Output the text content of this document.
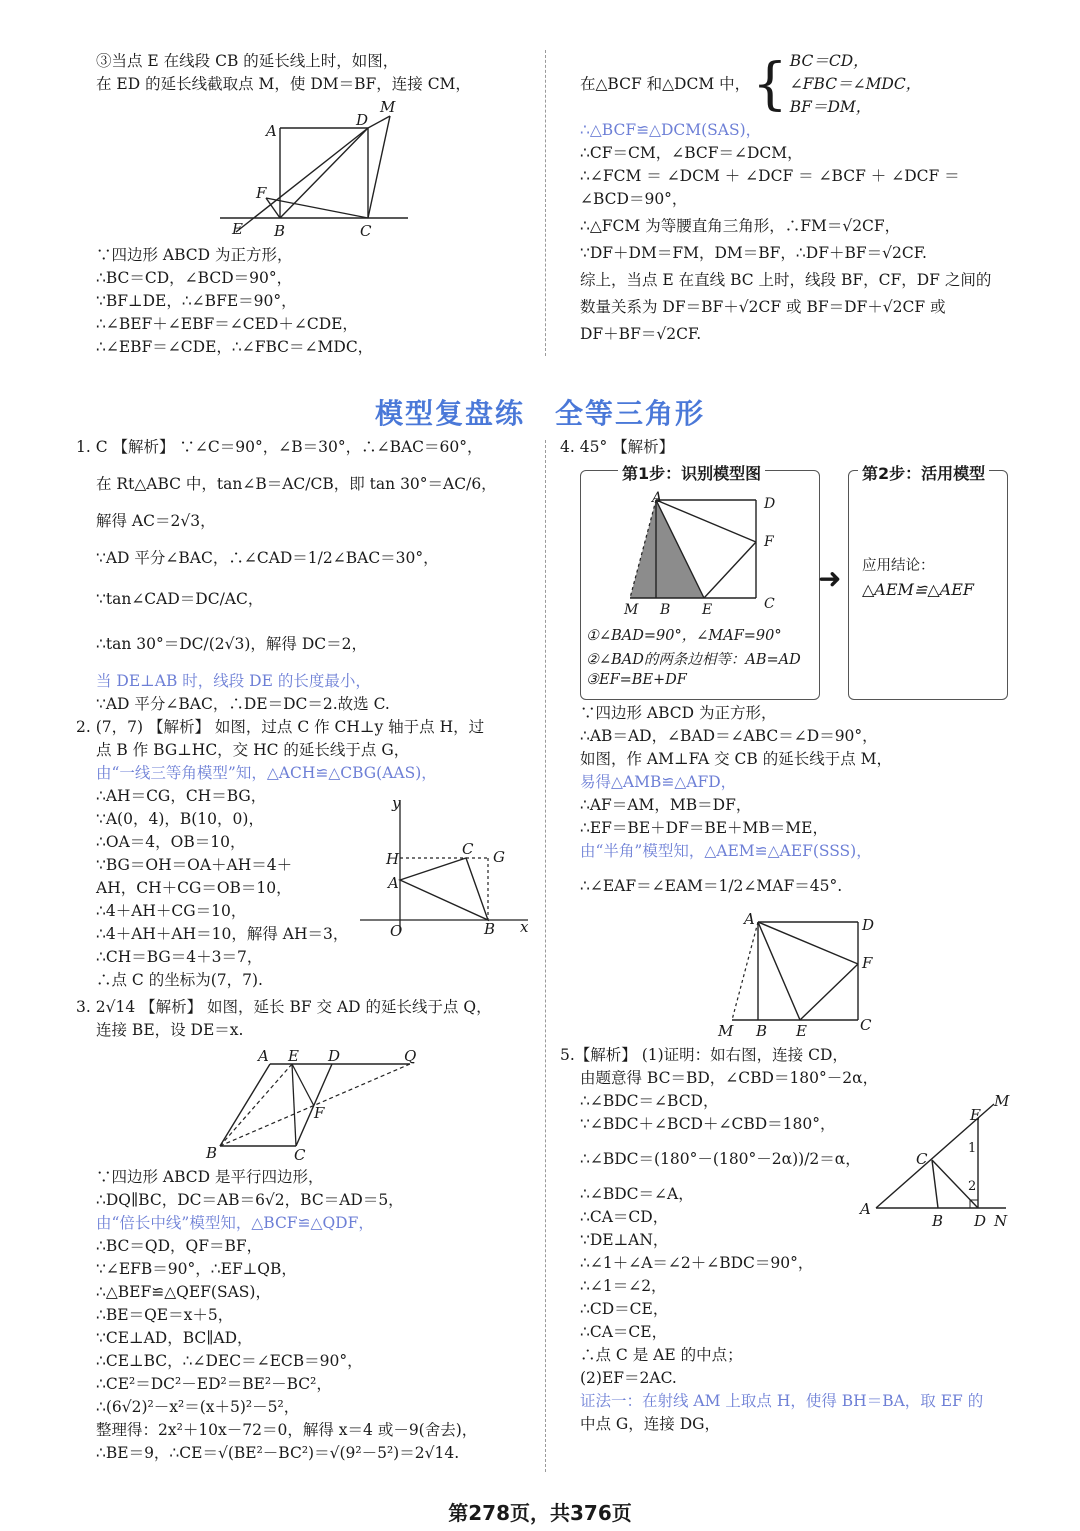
③当点 E 在线段 CB 的延长线上时，如图，

在 ED 的延长线截取点 M，使 DM＝BF，连接 CM，

A
D
M
F
E B	C

∵四边形 ABCD 为正方形，

∴BC＝CD，∠BCD＝90°，

∵BF⊥DE，∴∠BFE＝90°，

∴∠BEF＋∠EBF＝∠CED＋∠CDE，

∴∠EBF＝∠CDE，∴∠FBC＝∠MDC，

在△BCF 和△DCM 中， { BC＝CD，
∠FBC＝∠MDC，
BF＝DM，

∴△BCF≌△DCM(SAS)，

∴CF＝CM，∠BCF＝∠DCM，

∴∠FCM ＝ ∠DCM ＋ ∠DCF ＝ ∠BCF ＋ ∠DCF ＝

∠BCD＝90°，

∴△FCM 为等腰直角三角形，∴FM＝√2CF，

∵DF＋DM＝FM，DM＝BF，∴DF＋BF＝√2CF.

综上，当点 E 在直线 BC 上时，线段 BF，CF，DF 之间的

数量关系为 DF＝BF＋√2CF 或 BF＝DF＋√2CF 或

DF＋BF＝√2CF.

模型复盘练　全等三角形

1. C 【解析】 ∵∠C＝90°，∠B＝30°，∴∠BAC＝60°，

在 Rt△ABC 中，tan∠B＝AC/CB，即 tan 30°＝AC/6，

解得 AC＝2√3，

∵AD 平分∠BAC，∴∠CAD＝1/2∠BAC＝30°，

∵tan∠CAD＝DC/AC，

∴tan 30°＝DC/(2√3)，解得 DC＝2，

当 DE⊥AB 时，线段 DE 的长度最小，

∵AD 平分∠BAC，∴DE＝DC＝2.故选 C.

2. (7，7) 【解析】 如图，过点 C 作 CH⊥y 轴于点 H，过

点 B 作 BG⊥HC，交 HC 的延长线于点 G，

由“一线三等角模型”知，△ACH≌△CBG(AAS)，

∴AH＝CG，CH＝BG，

∵A(0，4)，B(10，0)，

∴OA＝4，OB＝10，

∵BG＝OH＝OA＋AH＝4＋

AH，CH＋CG＝OB＝10，

∴4＋AH＋CG＝10，

∴4＋AH＋AH＝10，解得 AH＝3，

∴CH＝BG＝4＋3＝7，

∴点 C 的坐标为(7，7).

3. 2√14 【解析】 如图，延长 BF 交 AD 的延长线于点 Q，

连接 BE，设 DE＝x.

y
x
H
A
O
C G
B
A E D	Q
F
B	C

∵四边形 ABCD 是平行四边形，

∴DQ∥BC，DC＝AB＝6√2，BC＝AD＝5，

由“倍长中线”模型知，△BCF≌△QDF，

∴BC＝QD，QF＝BF，

∵∠EFB＝90°，∴EF⊥QB，

∴△BEF≌△QEF(SAS)，

∴BE＝QE＝x＋5，

∵CE⊥AD，BC∥AD，

∴CE⊥BC，∴∠DEC＝∠ECB＝90°，

∴CE²＝DC²－ED²＝BE²－BC²，

∴(6√2)²－x²＝(x＋5)²－5²，

整理得：2x²＋10x－72＝0，解得 x＝4 或－9(舍去)，

∴BE＝9，∴CE＝√(BE²－BC²)＝√(9²－5²)＝2√14.

4. 45° 【解析】

第1步：识别模型图
A	D
F
M B E	C
①∠BAD=90°，∠MAF=90°
②∠BAD的两条边相等：AB=AD
③EF=BE+DF
➜
第2步：活用模型
应用结论：
△AEM≌△AEF

∵四边形 ABCD 为正方形，

∴AB＝AD，∠BAD＝∠ABC＝∠D＝90°，

如图，作 AM⊥FA 交 CB 的延长线于点 M，

易得△AMB≌△AFD，

∴AF＝AM，MB＝DF，

∴EF＝BE＋DF＝BE＋MB＝ME，

由“半角”模型知，△AEM≌△AEF(SSS)，

∴∠EAF＝∠EAM＝1/2∠MAF＝45°.

A	D
F
M B E	C

5.【解析】 (1)证明：如右图，连接 CD，

由题意得 BC＝BD，∠CBD＝180°－2α，

∴∠BDC＝∠BCD，

∵∠BDC＋∠BCD＋∠CBD＝180°，

∴∠BDC＝(180°－(180°－2α))/2＝α，

∴∠BDC＝∠A，

∴CA＝CD，

∵DE⊥AN，

∴∠1＋∠A＝∠2＋∠BDC＝90°，

∴∠1＝∠2，

∴CD＝CE，

∴CA＝CE，

∴点 C 是 AE 的中点；

(2)EF＝2AC.

证法一：在射线 AM 上取点 H，使得 BH＝BA，取 EF 的

中点 G，连接 DG，

A
C
E
M
1
2
B D N
第278页，共376页
